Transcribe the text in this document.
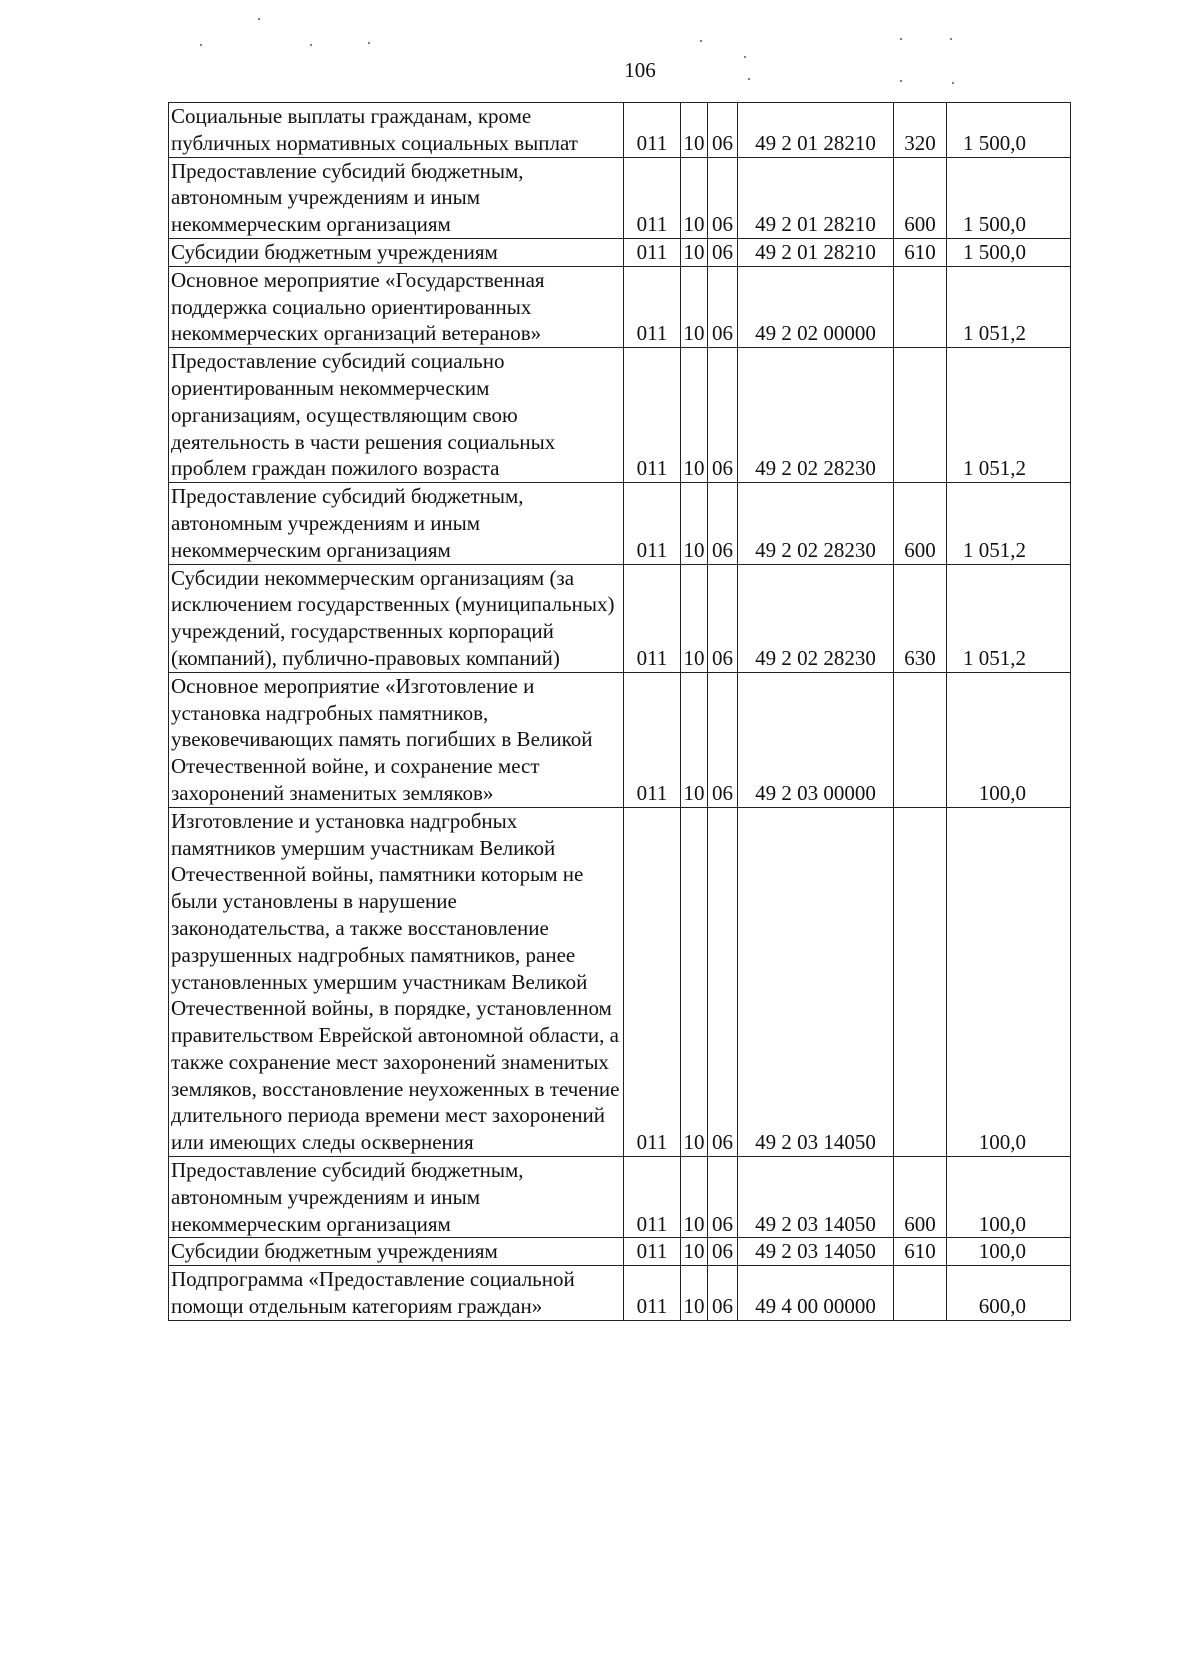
106
Социальные выплаты гражданам, кроме публичных нормативных социальных выплат	011	10	06	49 2 01 28210	320	1 500,0
Предоставление субсидий бюджетным, автономным учреждениям и иным некоммерческим организациям	011	10	06	49 2 01 28210	600	1 500,0
Субсидии бюджетным учреждениям	011	10	06	49 2 01 28210	610	1 500,0
Основное мероприятие «Государственная поддержка социально ориентированных некоммерческих организаций ветеранов»	011	10	06	49 2 02 00000		1 051,2
Предоставление субсидий социально ориентированным некоммерческим организациям, осуществляющим свою деятельность в части решения социальных проблем граждан пожилого возраста	011	10	06	49 2 02 28230		1 051,2
Предоставление субсидий бюджетным, автономным учреждениям и иным некоммерческим организациям	011	10	06	49 2 02 28230	600	1 051,2
Субсидии некоммерческим организациям (за исключением государственных (муниципальных) учреждений, государственных корпораций (компаний), публично-правовых компаний)	011	10	06	49 2 02 28230	630	1 051,2
Основное мероприятие «Изготовление и установка надгробных памятников, увековечивающих память погибших в Великой Отечественной войне, и сохранение мест захоронений знаменитых земляков»	011	10	06	49 2 03 00000		100,0
Изготовление и установка надгробных памятников умершим участникам Великой Отечественной войны, памятники которым не были установлены в нарушение законодательства, а также восстановление разрушенных надгробных памятников, ранее установленных умершим участникам Великой Отечественной войны, в порядке, установленном правительством Еврейской автономной области, а также сохранение мест захоронений знаменитых земляков, восстановление неухоженных в течение длительного периода времени мест захоронений или имеющих следы осквернения	011	10	06	49 2 03 14050		100,0
Предоставление субсидий бюджетным, автономным учреждениям и иным некоммерческим организациям	011	10	06	49 2 03 14050	600	100,0
Субсидии бюджетным учреждениям	011	10	06	49 2 03 14050	610	100,0
Подпрограмма «Предоставление социальной помощи отдельным категориям граждан»	011	10	06	49 4 00 00000		600,0
